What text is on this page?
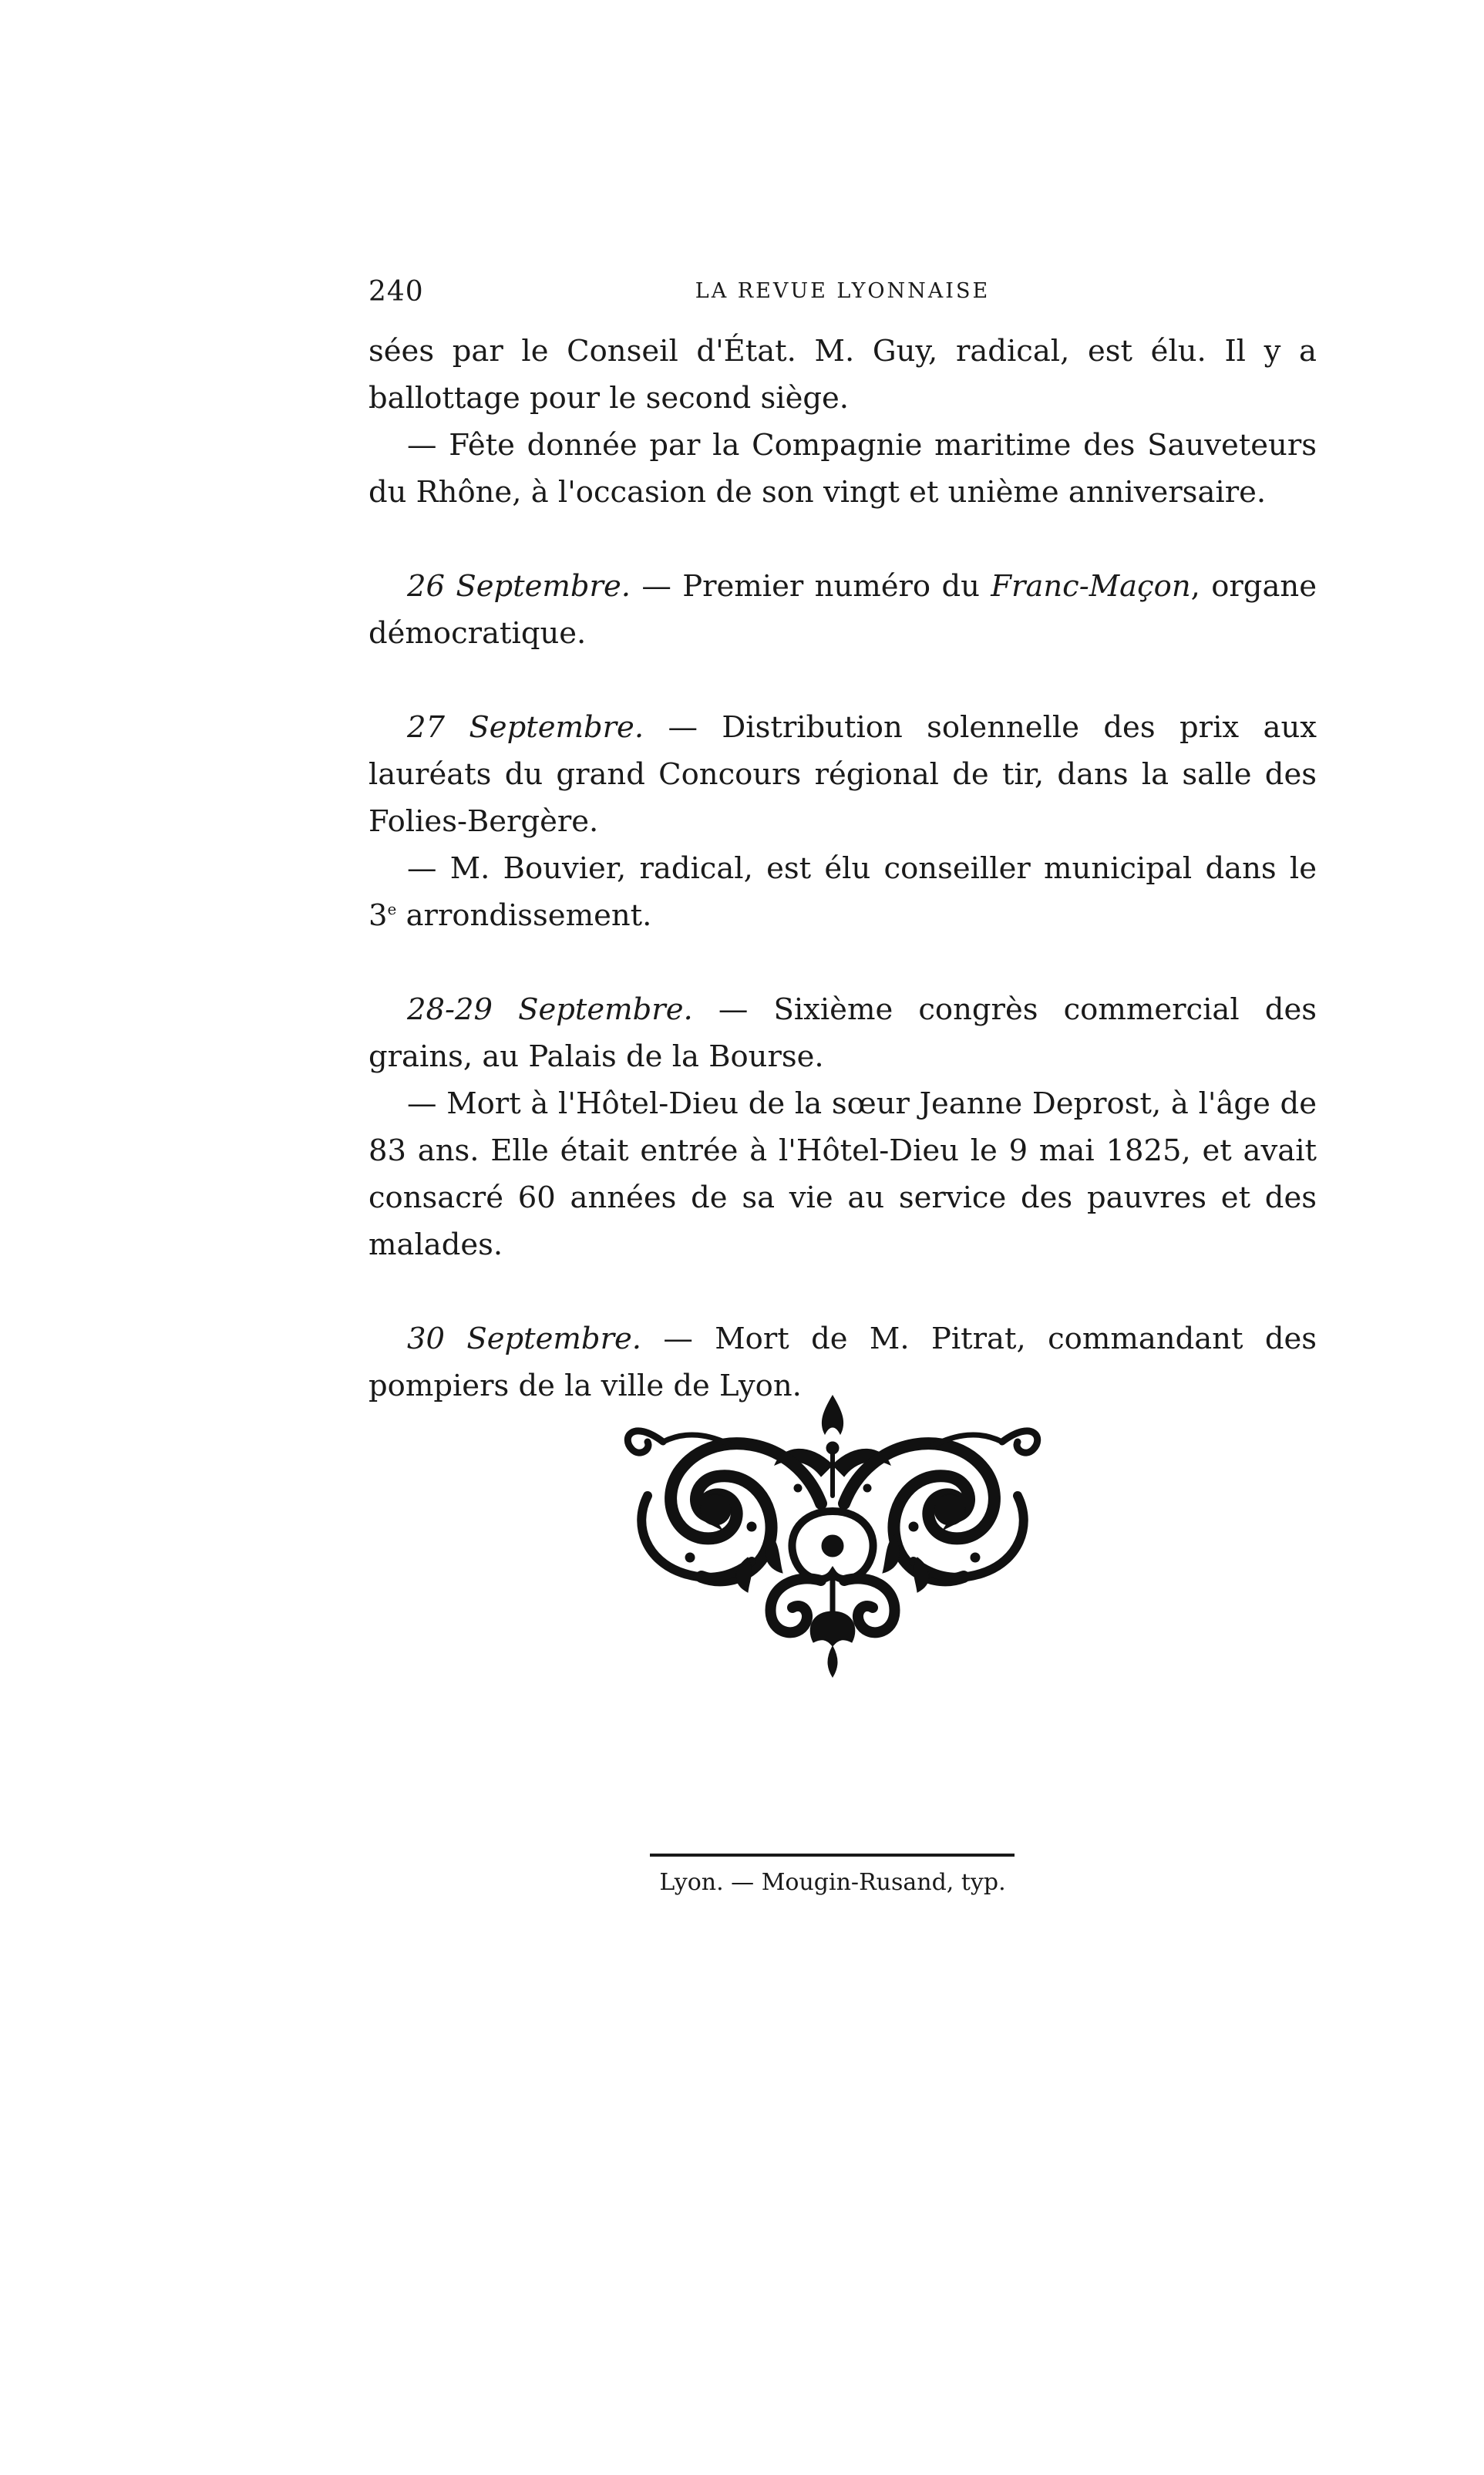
240	LA REVUE LYONNAISE

sées par le Conseil d'État. M. Guy, radical, est élu. Il y a ballottage pour le second siège.

— Fête donnée par la Compagnie maritime des Sauveteurs du Rhône, à l'occasion de son vingt et unième anniversaire.

26 Septembre. — Premier numéro du Franc-Maçon, organe démocratique.

27 Septembre. — Distribution solennelle des prix aux lauréats du grand Concours régional de tir, dans la salle des Folies-Bergère.

— M. Bouvier, radical, est élu conseiller municipal dans le 3e arrondissement.

28-29 Septembre. — Sixième congrès commercial des grains, au Palais de la Bourse.

— Mort à l'Hôtel-Dieu de la sœur Jeanne Deprost, à l'âge de 83 ans. Elle était entrée à l'Hôtel-Dieu le 9 mai 1825, et avait consacré 60 années de sa vie au service des pauvres et des malades.

30 Septembre. — Mort de M. Pitrat, commandant des pompiers de la ville de Lyon.

Lyon. — Mougin-Rusand, typ.
